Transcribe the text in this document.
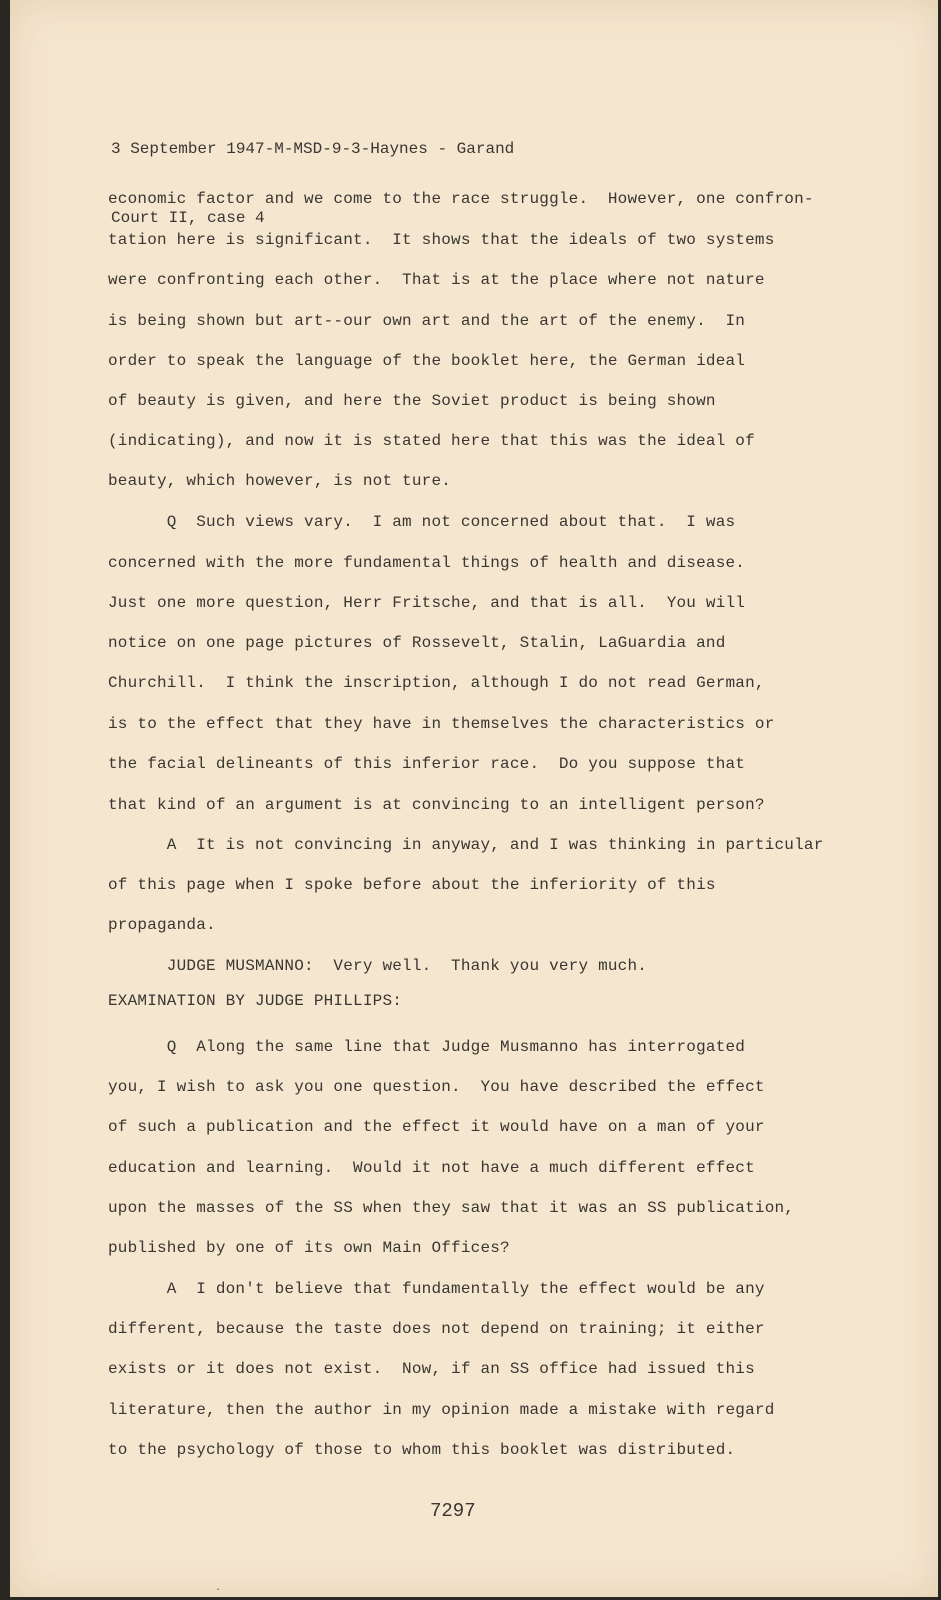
3 September 1947-M-MSD-9-3-Haynes - Garand

Court II, case 4

economic factor and we come to the race struggle.  However, one confron-
tation here is significant.  It shows that the ideals of two systems
were confronting each other.  That is at the place where not nature
is being shown but art--our own art and the art of the enemy.  In
order to speak the language of the booklet here, the German ideal
of beauty is given, and here the Soviet product is being shown
(indicating), and now it is stated here that this was the ideal of
beauty, which however, is not ture.
Q  Such views vary.  I am not concerned about that.  I was
concerned with the more fundamental things of health and disease.
Just one more question, Herr Fritsche, and that is all.  You will
notice on one page pictures of Rossevelt, Stalin, LaGuardia and
Churchill.  I think the inscription, although I do not read German,
is to the effect that they have in themselves the characteristics or
the facial delineants of this inferior race.  Do you suppose that
that kind of an argument is at convincing to an intelligent person?
A  It is not convincing in anyway, and I was thinking in particular
of this page when I spoke before about the inferiority of this
propaganda.
JUDGE MUSMANNO:  Very well.  Thank you very much.
EXAMINATION BY JUDGE PHILLIPS:
Q  Along the same line that Judge Musmanno has interrogated
you, I wish to ask you one question.  You have described the effect
of such a publication and the effect it would have on a man of your
education and learning.  Would it not have a much different effect
upon the masses of the SS when they saw that it was an SS publication,
published by one of its own Main Offices?
A  I don't believe that fundamentally the effect would be any
different, because the taste does not depend on training; it either
exists or it does not exist.  Now, if an SS office had issued this
literature, then the author in my opinion made a mistake with regard
to the psychology of those to whom this booklet was distributed.
7297
·
